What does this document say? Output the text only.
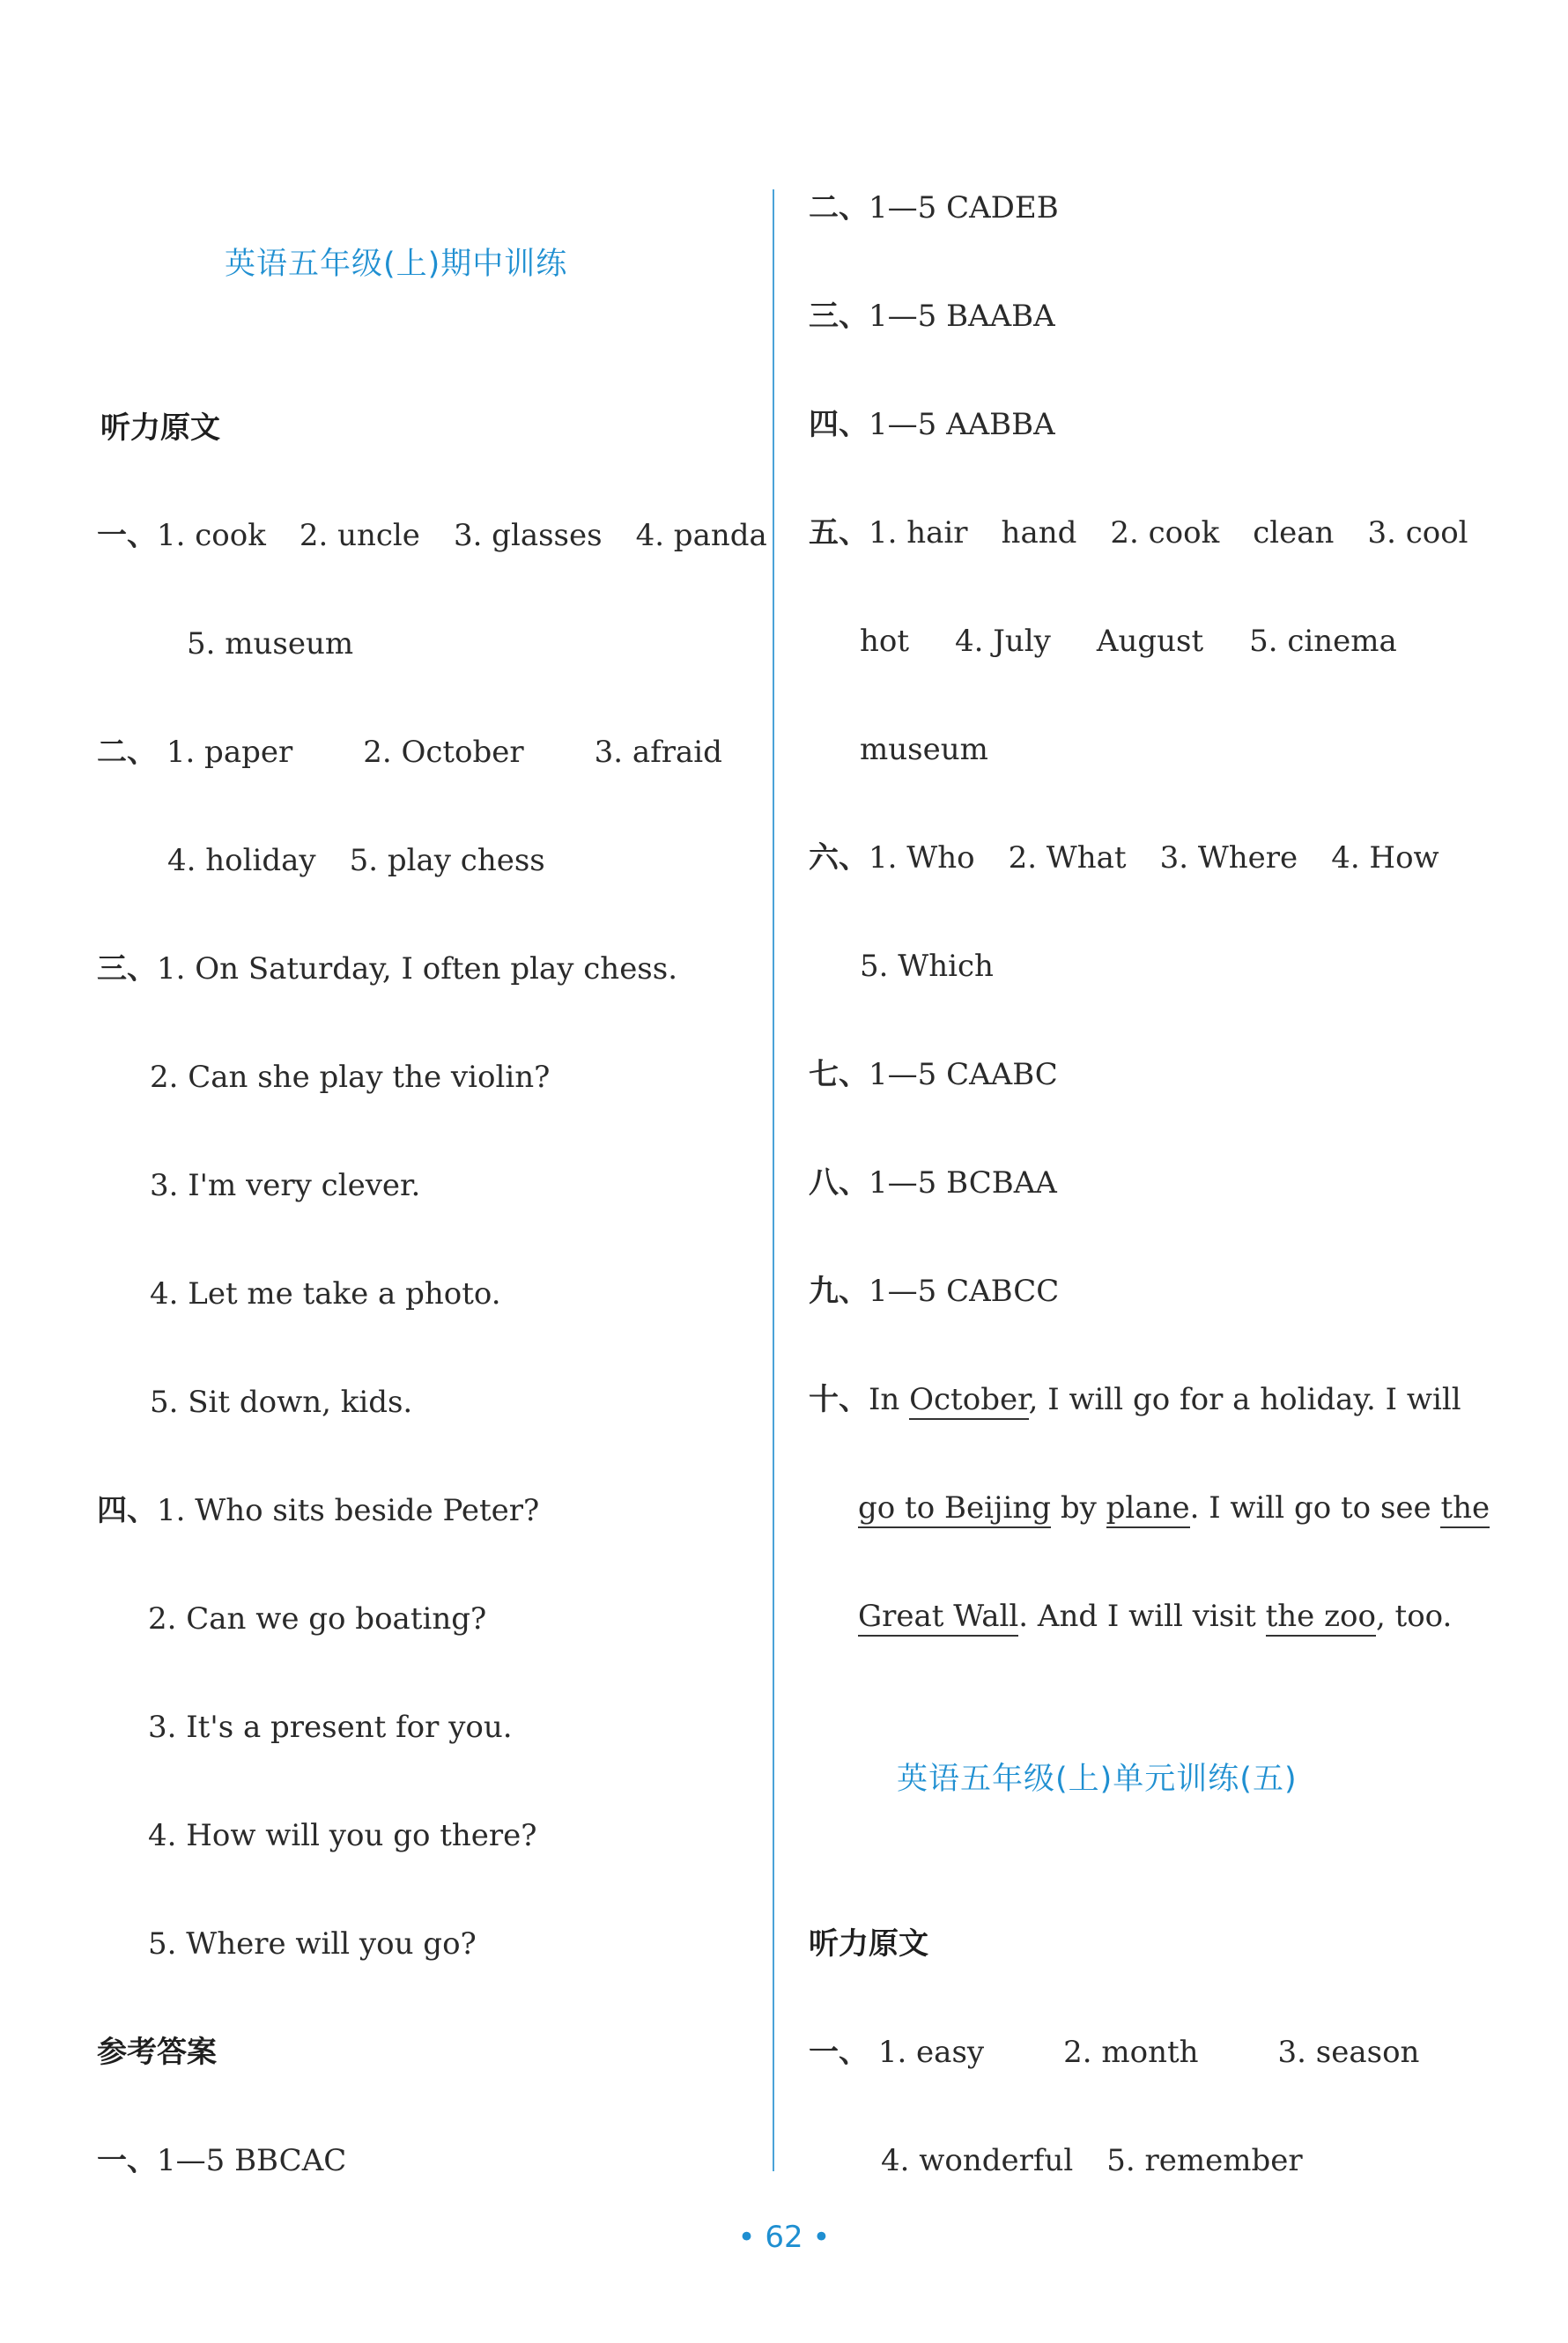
英语五年级(上)期中训练
听力原文
一、1. cook 2. uncle 3. glasses 4. panda
5. museum
二、 1. paper 2. October 3. afraid
4. holiday 5. play chess
三、1. On Saturday, I often play chess.
2. Can she play the violin?
3. I'm very clever.
4. Let me take a photo.
5. Sit down, kids.
四、1. Who sits beside Peter?
2. Can we go boating?
3. It's a present for you.
4. How will you go there?
5. Where will you go?
参考答案
一、1—5 BBCAC
二、1—5 CADEB
三、1—5 BAABA
四、1—5 AABBA
五、1. hair hand 2. cook clean 3. cool
hot 4. July August 5. cinema
museum
六、1. Who 2. What 3. Where 4. How
5. Which
七、1—5 CAABC
八、1—5 BCBAA
九、1—5 CABCC
十、In October, I will go for a holiday. I will
go to Beijing by plane. I will go to see the
Great Wall. And I will visit the zoo, too.
英语五年级(上)单元训练(五)
听力原文
一、 1. easy	2. month	3. season
4. wonderful 5. remember
• 62 •
